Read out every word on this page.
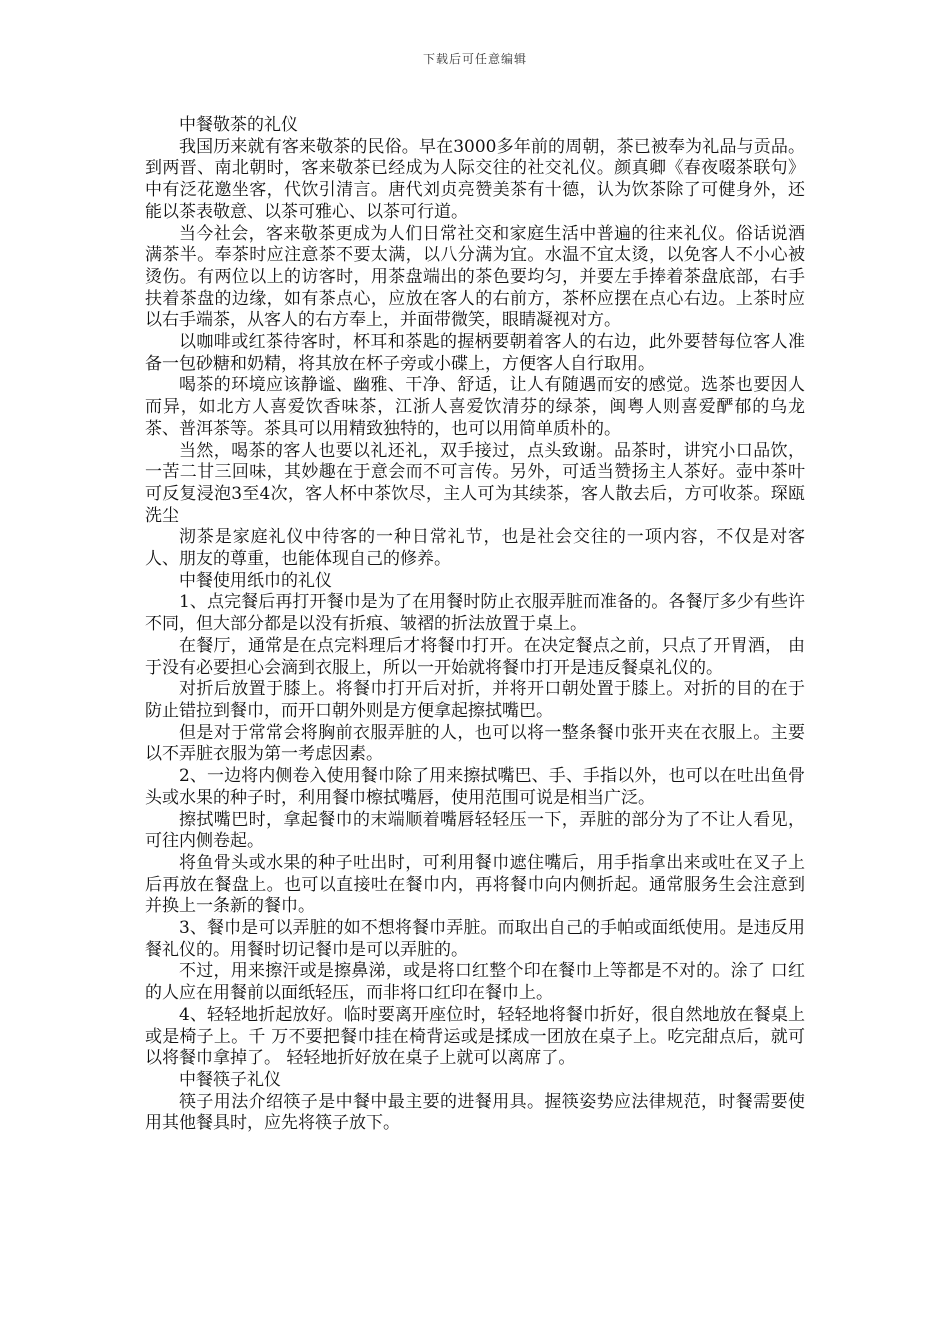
下载后可任意编辑

中餐敬茶的礼仪

我国历来就有客来敬茶的民俗。早在3000多年前的周朝，茶已被奉为礼品与贡品。到两晋、南北朝时，客来敬茶已经成为人际交往的社交礼仪。颜真卿《春夜啜茶联句》中有泛花邀坐客，代饮引清言。唐代刘贞亮赞美茶有十德，认为饮茶除了可健身外，还能以茶表敬意、以茶可雅心、以茶可行道。

当今社会，客来敬茶更成为人们日常社交和家庭生活中普遍的往来礼仪。俗话说酒满茶半。奉茶时应注意茶不要太满，以八分满为宜。水温不宜太烫，以免客人不小心被烫伤。有两位以上的访客时，用茶盘端出的茶色要均匀，并要左手捧着茶盘底部，右手扶着茶盘的边缘，如有茶点心，应放在客人的右前方，茶杯应摆在点心右边。上茶时应以右手端茶，从客人的右方奉上，并面带微笑，眼睛凝视对方。

以咖啡或红茶待客时，杯耳和茶匙的握柄要朝着客人的右边，此外要替每位客人准备一包砂糖和奶精，将其放在杯子旁或小碟上，方便客人自行取用。

喝茶的环境应该静谧、幽雅、干净、舒适，让人有随遇而安的感觉。选茶也要因人而异，如北方人喜爱饮香味茶，江浙人喜爱饮清芬的绿茶，闽粤人则喜爱酽郁的乌龙茶、普洱茶等。茶具可以用精致独特的，也可以用简单质朴的。

当然，喝茶的客人也要以礼还礼，双手接过，点头致谢。品茶时，讲究小口品饮，一苦二甘三回味，其妙趣在于意会而不可言传。另外，可适当赞扬主人茶好。壶中茶叶可反复浸泡3至4次，客人杯中茶饮尽，主人可为其续茶，客人散去后，方可收茶。琛瓯洗尘

沏茶是家庭礼仪中待客的一种日常礼节，也是社会交往的一项内容，不仅是对客人、朋友的尊重，也能体现自己的修养。

中餐使用纸巾的礼仪

1、点完餐后再打开餐巾是为了在用餐时防止衣服弄脏而准备的。各餐厅多少有些许不同，但大部分都是以没有折痕、皱褶的折法放置于桌上。

在餐厅，通常是在点完料理后才将餐巾打开。在决定餐点之前，只点了开胃酒， 由于没有必要担心会滴到衣服上，所以一开始就将餐巾打开是违反餐桌礼仪的。

对折后放置于膝上。将餐巾打开后对折，并将开口朝处置于膝上。对折的目的在于防止错拉到餐巾，而开口朝外则是方便拿起擦拭嘴巴。

但是对于常常会将胸前衣服弄脏的人，也可以将一整条餐巾张开夹在衣服上。主要以不弄脏衣服为第一考虑因素。

2、一边将内侧卷入使用餐巾除了用来擦拭嘴巴、手、手指以外，也可以在吐出鱼骨头或水果的种子时，利用餐巾檫拭嘴唇，使用范围可说是相当广泛。

擦拭嘴巴时，拿起餐巾的末端顺着嘴唇轻轻压一下，弄脏的部分为了不让人看见，可往内侧卷起。

将鱼骨头或水果的种子吐出时，可利用餐巾遮住嘴后，用手指拿出来或吐在叉子上后再放在餐盘上。也可以直接吐在餐巾内，再将餐巾向内侧折起。通常服务生会注意到并换上一条新的餐巾。

3、餐巾是可以弄脏的如不想将餐巾弄脏。而取出自己的手帕或面纸使用。是违反用餐礼仪的。用餐时切记餐巾是可以弄脏的。

不过，用来擦汗或是擦鼻涕，或是将口红整个印在餐巾上等都是不对的。涂了 口红的人应在用餐前以面纸轻压，而非将口红印在餐巾上。

4、轻轻地折起放好。临时要离开座位时，轻轻地将餐巾折好，很自然地放在餐桌上或是椅子上。千 万不要把餐巾挂在椅背运或是揉成一团放在桌子上。吃完甜点后，就可以将餐巾拿掉了。 轻轻地折好放在桌子上就可以离席了。

中餐筷子礼仪

筷子用法介绍筷子是中餐中最主要的进餐用具。握筷姿势应法律规范，时餐需要使用其他餐具时，应先将筷子放下。
